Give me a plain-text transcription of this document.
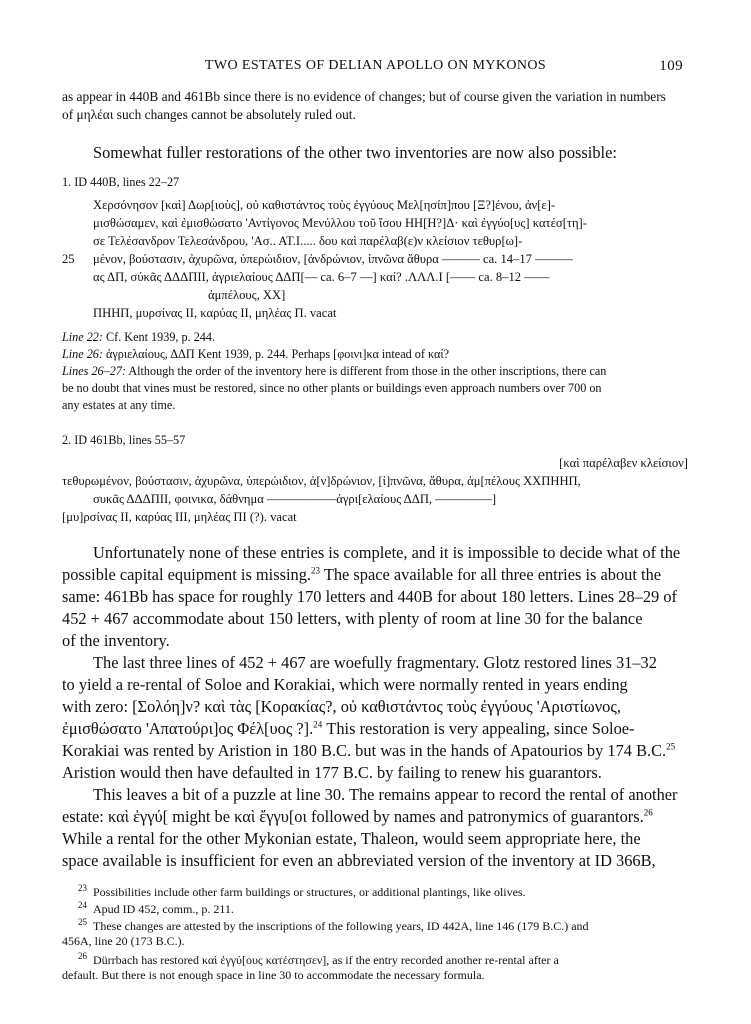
TWO ESTATES OF DELIAN APOLLO ON MYKONOS	109
as appear in 440B and 461Bb since there is no evidence of changes; but of course given the variation in numbers
of μηλέαι such changes cannot be absolutely ruled out.
Somewhat fuller restorations of the other two inventories are now also possible:
1. ID 440B, lines 22–27
Χερσόνησον [καὶ] Δωρ[ιοὺς], οὐ καθιστάντος τοὺς ἐγγύους Μελ[ησίπ]που [Ξ?]ένου, ἀν[ε]-
μισθώσαμεν, καὶ ἐμισθώσατο 'Αντίγονος Μενύλλου τοῦ ἴσου ΗΗ[Η?]Δ· καὶ ἐγγύο[υς] κατέσ[τη]-
σε Τελέσανδρον Τελεσάνδρου, 'Ασ.. ΑΤ.Ι..... δου καὶ παρέλαβ(ε)ν κλείσιον τεθυρ[ω]-
25 μένον, βούστασιν, ἀχυρῶνα, ὑπερώιδιον, [ἀνδρώνιον, ἰπνῶνα ἄθυρα –––––– ca. 14–17 ––––––
ας ΔΠ, σύκᾶς ΔΔΔΠΙΙ, ἀγριελαίους ΔΔΠ[–– ca. 6–7 ––] καί? .ΛΛΛ.Ι [–––– ca. 8–12 ––––
ἀμπέλους, XX]
ΠΗΗΠ, μυρσίνας ΙΙ, καρύας ΙΙ, μηλέας Π. vacat
Line 22: Cf. Kent 1939, p. 244.
Line 26: ἀγριελαίους, ΔΔΠ Kent 1939, p. 244. Perhaps [φοινι]κα intead of καί?
Lines 26–27: Although the order of the inventory here is different from those in the other inscriptions, there can
be no doubt that vines must be restored, since no other plants or buildings even approach numbers over 700 on
any estates at any time.
2. ID 461Bb, lines 55–57
[καὶ παρέλαβεν κλείσιον]
τεθυρωμένον, βούστασιν, ἀχυρῶνα, ὑπερώιδιον, ἀ[ν]δρώνιον, [ἰ]πνῶνα, ἄθυρα, ἀμ[πέλους XXΠΗΗΠ,
συκᾶς ΔΔΔΠΙΙ, φοινικα, δάθνημα –––––––––––ἀγρι[ελαίους ΔΔΠ, –––––––––]
[μυ]ρσίνας ΙΙ, καρύας ΙΙΙ, μηλέας ΠΙ (?). vacat
Unfortunately none of these entries is complete, and it is impossible to decide what of the
possible capital equipment is missing.$^{23}$ The space available for all three entries is about the
same: 461Bb has space for roughly 170 letters and 440B for about 180 letters. Lines 28–29 of
452 + 467 accommodate about 150 letters, with plenty of room at line 30 for the balance
of the inventory.
The last three lines of 452 + 467 are woefully fragmentary. Glotz restored lines 31–32
to yield a re-rental of Soloe and Korakiai, which were normally rented in years ending
with zero: [Σολόη]ν? καὶ τὰς [Κορακίας?, οὐ καθιστάντος τοὺς ἐγγύους 'Αριστίωνος,
ἐμισθώσατο 'Απατούρι]ος Φέλ[υος ?].$^{24}$ This restoration is very appealing, since Soloe-
Korakiai was rented by Aristion in 180 B.C. but was in the hands of Apatourios by 174 B.C.$^{25}$
Aristion would then have defaulted in 177 B.C. by failing to renew his guarantors.
This leaves a bit of a puzzle at line 30. The remains appear to record the rental of another
estate: καὶ ἐγγύ[ might be καὶ ἔγγυ[οι followed by names and patronymics of guarantors.$^{26}$
While a rental for the other Mykonian estate, Thaleon, would seem appropriate here, the
space available is insufficient for even an abbreviated version of the inventory at ID 366B,
$^{23}$ Possibilities include other farm buildings or structures, or additional plantings, like olives.
$^{24}$ Apud ID 452, comm., p. 211.
$^{25}$ These changes are attested by the inscriptions of the following years, ID 442A, line 146 (179 B.C.) and
456A, line 20 (173 B.C.).
$^{26}$ Dürrbach has restored καὶ ἐγγύ[ους κατέστησεν], as if the entry recorded another re-rental after a
default. But there is not enough space in line 30 to accommodate the necessary formula.
